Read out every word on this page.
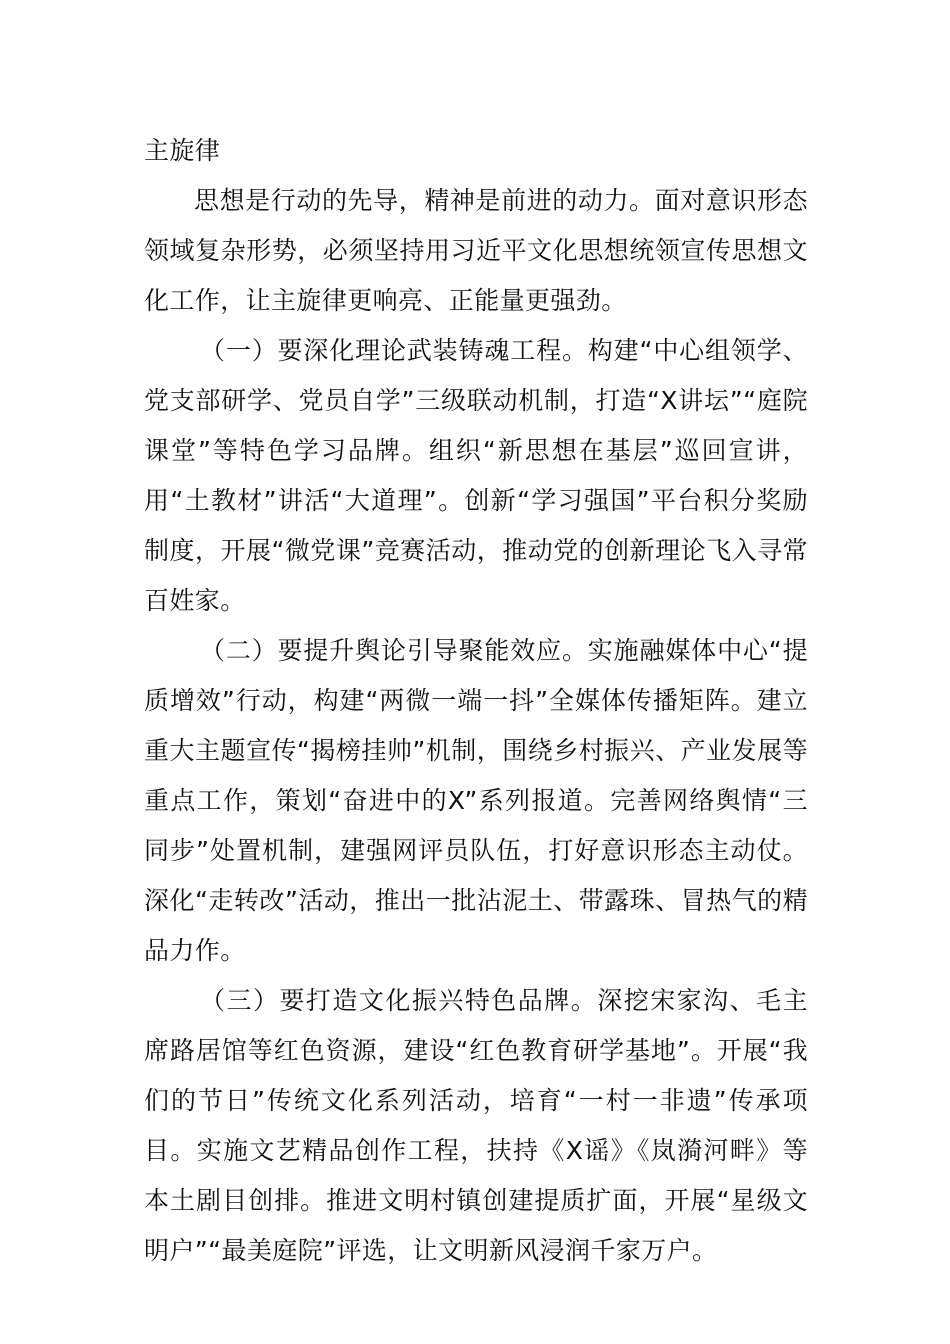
主旋律

思想是行动的先导，精神是前进的动力。面对意识形态领域复杂形势，必须坚持用习近平文化思想统领宣传思想文化工作，让主旋律更响亮、正能量更强劲。

（一）要深化理论武装铸魂工程。构建“中心组领学、党支部研学、党员自学”三级联动机制，打造“X讲坛”“庭院课堂”等特色学习品牌。组织“新思想在基层”巡回宣讲，用“土教材”讲活“大道理”。创新“学习强国”平台积分奖励制度，开展“微党课”竞赛活动，推动党的创新理论飞入寻常百姓家。

（二）要提升舆论引导聚能效应。实施融媒体中心“提质增效”行动，构建“两微一端一抖”全媒体传播矩阵。建立重大主题宣传“揭榜挂帅”机制，围绕乡村振兴、产业发展等重点工作，策划“奋进中的X”系列报道。完善网络舆情“三同步”处置机制，建强网评员队伍，打好意识形态主动仗。深化“走转改”活动，推出一批沾泥土、带露珠、冒热气的精品力作。

（三）要打造文化振兴特色品牌。深挖宋家沟、毛主席路居馆等红色资源，建设“红色教育研学基地”。开展“我们的节日”传统文化系列活动，培育“一村一非遗”传承项目。实施文艺精品创作工程，扶持《X谣》《岚漪河畔》等本土剧目创排。推进文明村镇创建提质扩面，开展“星级文明户”“最美庭院”评选，让文明新风浸润千家万户。
